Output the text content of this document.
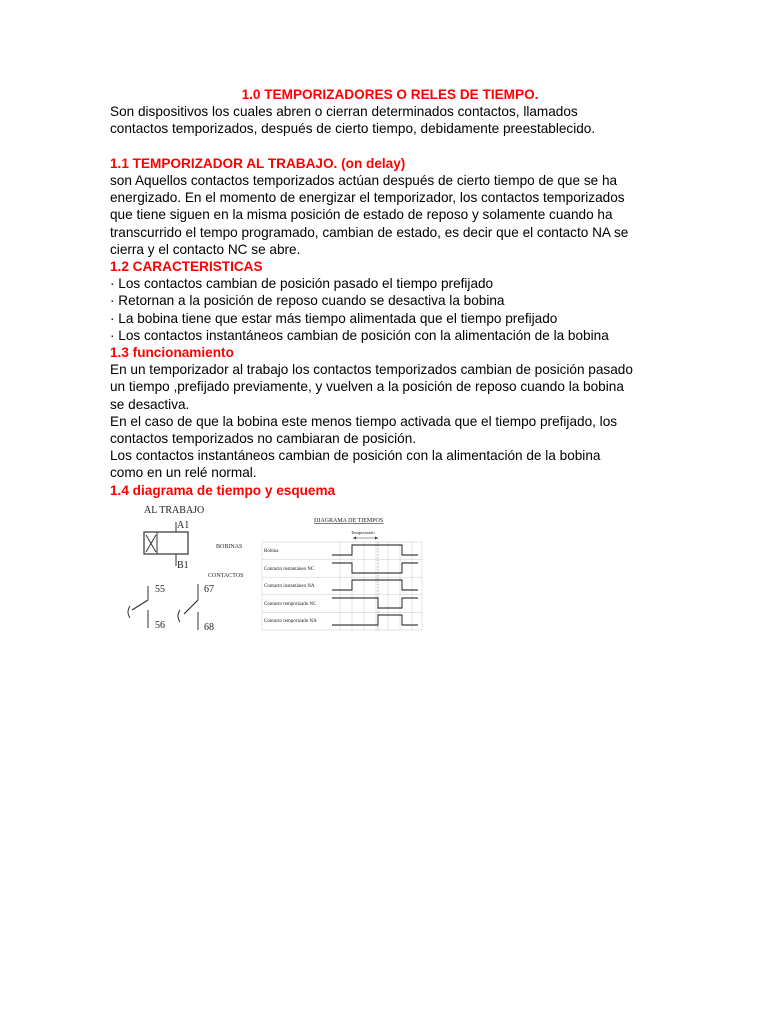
1.0 TEMPORIZADORES O RELES DE TIEMPO.

Son dispositivos los cuales abren o cierran determinados contactos, llamados

contactos temporizados, después de cierto tiempo, debidamente preestablecido.

1.1 TEMPORIZADOR AL TRABAJO. (on delay)

son Aquellos contactos temporizados actúan después de cierto tiempo de que se ha

energizado. En el momento de energizar el temporizador, los contactos temporizados

que tiene siguen en la misma posición de estado de reposo y solamente cuando ha

transcurrido el tempo programado, cambian de estado, es decir que el contacto NA se

cierra y el contacto NC se abre.

1.2 CARACTERISTICAS

· Los contactos cambian de posición pasado el tiempo prefijado

· Retornan a la posición de reposo cuando se desactiva la bobina

· La bobina tiene que estar más tiempo alimentada que el tiempo prefijado

· Los contactos instantáneos cambian de posición con la alimentación de la bobina

1.3 funcionamiento

En un temporizador al trabajo los contactos temporizados cambian de posición pasado

un tiempo ,prefijado previamente, y vuelven a la posición de reposo cuando la bobina

se desactiva.

En el caso de que la bobina este menos tiempo activada que el tiempo prefijado, los

contactos temporizados no cambiaran de posición.

Los contactos instantáneos cambian de posición con la alimentación de la bobina

como en un relé normal.

1.4 diagrama de tiempo y esquema
AL TRABAJO
A1
B1
BOBINAS
CONTACTOS
55
56
67
68
DIAGRAMA DE TIEMPOS
Temporizado
Bobina
Contacto instantáneo NC
Contacto instantáneo NA
Contacto temporizado NC
Contacto temporizado NA
